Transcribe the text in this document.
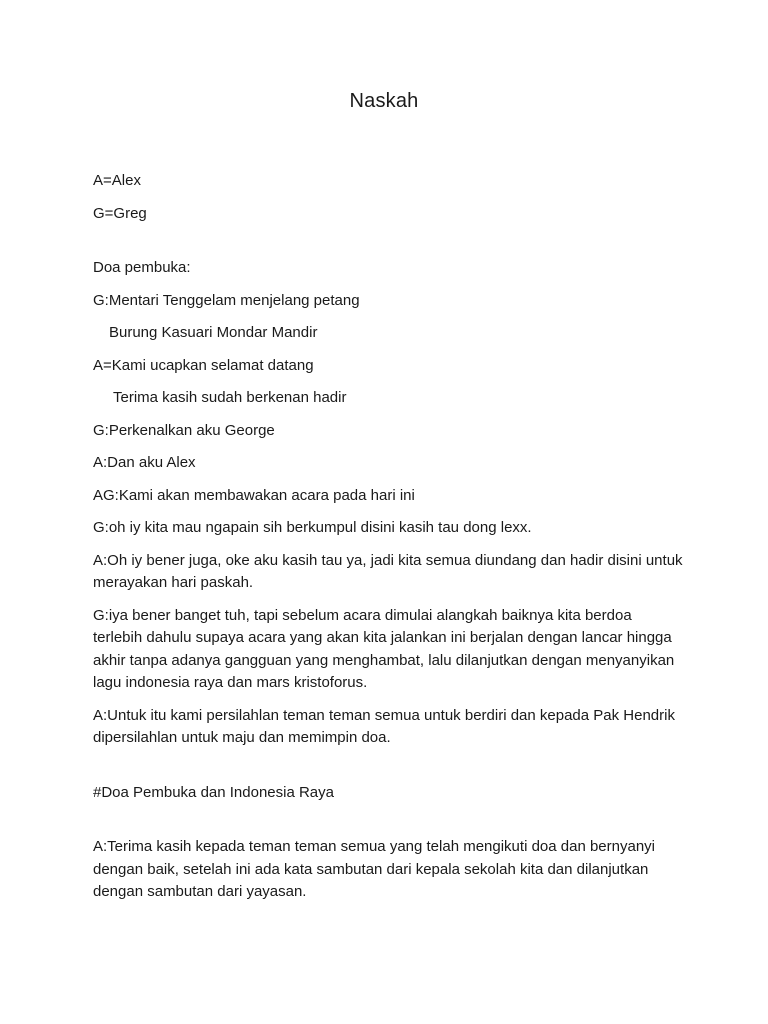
Naskah

A=Alex

G=Greg

Doa pembuka:

G:Mentari Tenggelam menjelang petang

Burung Kasuari Mondar Mandir

A=Kami ucapkan selamat datang

Terima kasih sudah berkenan hadir

G:Perkenalkan aku George

A:Dan aku Alex

AG:Kami akan membawakan acara pada hari ini

G:oh iy kita mau ngapain sih berkumpul disini kasih tau dong lexx.

A:Oh iy bener juga, oke aku kasih tau ya, jadi kita semua diundang dan hadir disini untuk merayakan hari paskah.

G:iya bener banget tuh, tapi sebelum acara dimulai alangkah baiknya kita berdoa terlebih dahulu supaya acara yang akan kita jalankan ini berjalan dengan lancar hingga akhir tanpa adanya gangguan yang menghambat, lalu dilanjutkan dengan menyanyikan lagu indonesia raya dan mars kristoforus.

A:Untuk itu kami persilahlan teman teman semua untuk berdiri dan kepada Pak Hendrik dipersilahlan untuk maju dan memimpin doa.

#Doa Pembuka dan Indonesia Raya

A:Terima kasih kepada teman teman semua yang telah mengikuti doa dan bernyanyi dengan baik, setelah ini ada kata sambutan dari kepala sekolah kita dan dilanjutkan dengan sambutan dari yayasan.
